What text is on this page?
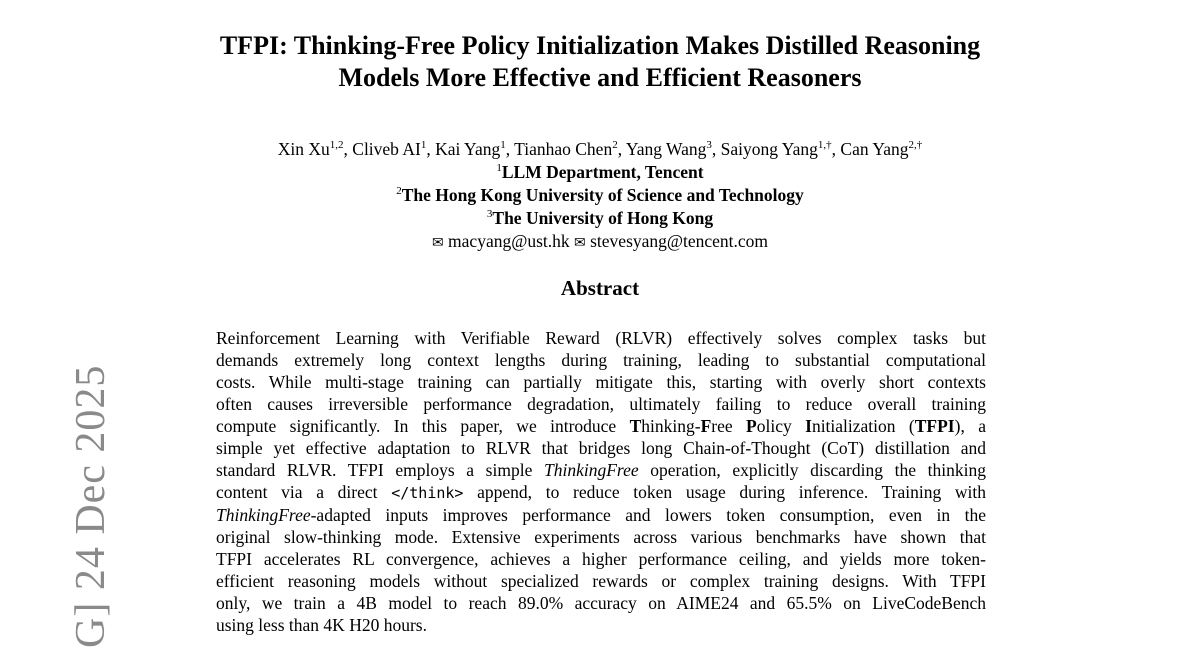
G] 24 Dec 2025
TFPI: Thinking-Free Policy Initialization Makes Distilled Reasoning
Models More Effective and Efficient Reasoners
Xin Xu$^{1,2}$, Cliveb $AI^1$, Kai Yang$^1$, Tianhao Chen$^2$, Yang Wang$^3$, Saiyong Yang$^{1,\dagger}$, Can Yang$^{2,\dagger}$
$^1$LLM Department, Tencent
$^2$The Hong Kong University of Science and Technology
$^3$The University of Hong Kong
✉ macyang@ust.hk ✉ stevesyang@tencent.com
Abstract
Reinforcement Learning with Verifiable Reward (RLVR) effectively solves complex tasks but
demands extremely long context lengths during training, leading to substantial computational
costs. While multi-stage training can partially mitigate this, starting with overly short contexts
often causes irreversible performance degradation, ultimately failing to reduce overall training
compute significantly. In this paper, we introduce Thinking-Free Policy Initialization (TFPI), a
simple yet effective adaptation to RLVR that bridges long Chain-of-Thought (CoT) distillation and
standard RLVR. TFPI employs a simple ThinkingFree operation, explicitly discarding the thinking
content via a direct </think> append, to reduce token usage during inference. Training with
ThinkingFree-adapted inputs improves performance and lowers token consumption, even in the
original slow-thinking mode. Extensive experiments across various benchmarks have shown that
TFPI accelerates RL convergence, achieves a higher performance ceiling, and yields more token-
efficient reasoning models without specialized rewards or complex training designs. With TFPI
only, we train a 4B model to reach 89.0% accuracy on AIME24 and 65.5% on LiveCodeBench
using less than 4K H20 hours.
